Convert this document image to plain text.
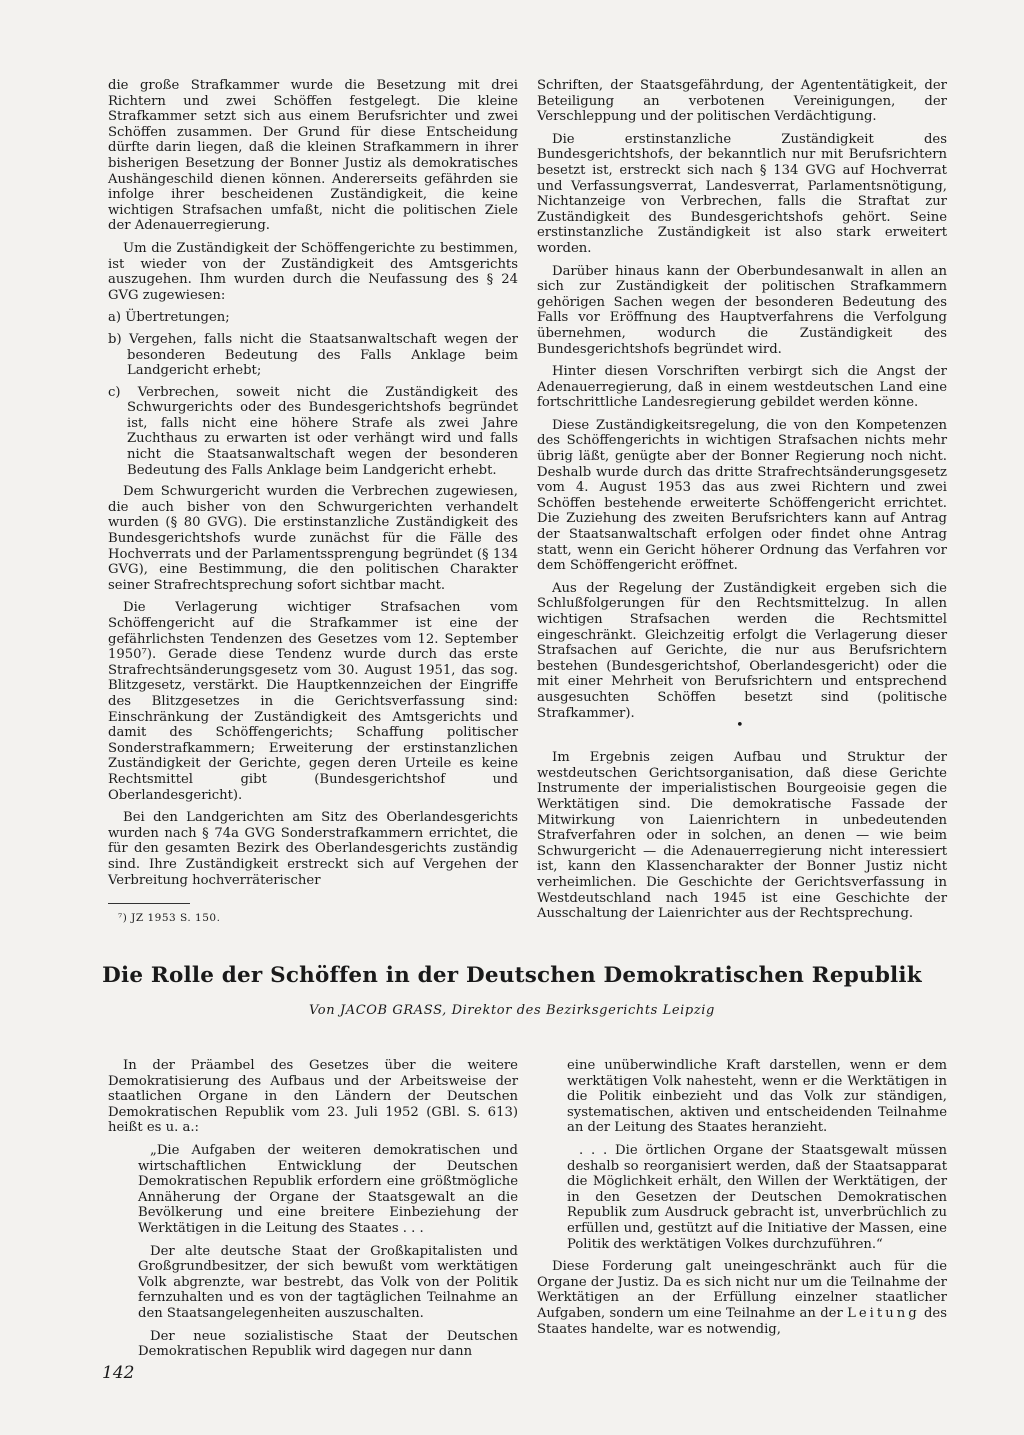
die große Strafkammer wurde die Besetzung mit drei Richtern und zwei Schöffen festgelegt. Die kleine Strafkammer setzt sich aus einem Berufsrichter und zwei Schöffen zusammen. Der Grund für diese Entscheidung dürfte darin liegen, daß die kleinen Strafkammern in ihrer bisherigen Besetzung der Bonner Justiz als demokratisches Aushängeschild dienen können. Andererseits gefährden sie infolge ihrer bescheidenen Zuständigkeit, die keine wichtigen Strafsachen umfaßt, nicht die politischen Ziele der Adenauerregierung.

Um die Zuständigkeit der Schöffengerichte zu bestimmen, ist wieder von der Zuständigkeit des Amtsgerichts auszugehen. Ihm wurden durch die Neufassung des § 24 GVG zugewiesen:

a) Übertretungen;

b) Vergehen, falls nicht die Staatsanwaltschaft wegen der besonderen Bedeutung des Falls Anklage beim Landgericht erhebt;

c) Verbrechen, soweit nicht die Zuständigkeit des Schwurgerichts oder des Bundesgerichtshofs begründet ist, falls nicht eine höhere Strafe als zwei Jahre Zuchthaus zu erwarten ist oder verhängt wird und falls nicht die Staatsanwaltschaft wegen der besonderen Bedeutung des Falls Anklage beim Landgericht erhebt.

Dem Schwurgericht wurden die Verbrechen zugewiesen, die auch bisher von den Schwurgerichten verhandelt wurden (§ 80 GVG). Die erstinstanzliche Zuständigkeit des Bundesgerichtshofs wurde zunächst für die Fälle des Hochverrats und der Parlamentssprengung begründet (§ 134 GVG), eine Bestimmung, die den politischen Charakter seiner Strafrechtsprechung sofort sichtbar macht.

Die Verlagerung wichtiger Strafsachen vom Schöffengericht auf die Strafkammer ist eine der gefährlichsten Tendenzen des Gesetzes vom 12. September 1950⁷). Gerade diese Tendenz wurde durch das erste Strafrechtsänderungsgesetz vom 30. August 1951, das sog. Blitzgesetz, verstärkt. Die Hauptkennzeichen der Eingriffe des Blitzgesetzes in die Gerichtsverfassung sind: Einschränkung der Zuständigkeit des Amtsgerichts und damit des Schöffengerichts; Schaffung politischer Sonderstrafkammern; Erweiterung der erstinstanzlichen Zuständigkeit der Gerichte, gegen deren Urteile es keine Rechtsmittel gibt (Bundesgerichtshof und Oberlandesgericht).

Bei den Landgerichten am Sitz des Oberlandesgerichts wurden nach § 74a GVG Sonderstrafkammern errichtet, die für den gesamten Bezirk des Oberlandesgerichts zuständig sind. Ihre Zuständigkeit erstreckt sich auf Vergehen der Verbreitung hochverräterischer

⁷) JZ 1953 S. 150.

Schriften, der Staatsgefährdung, der Agententätigkeit, der Beteiligung an verbotenen Vereinigungen, der Verschleppung und der politischen Verdächtigung.

Die erstinstanzliche Zuständigkeit des Bundesgerichtshofs, der bekanntlich nur mit Berufsrichtern besetzt ist, erstreckt sich nach § 134 GVG auf Hochverrat und Verfassungsverrat, Landesverrat, Parlamentsnötigung, Nichtanzeige von Verbrechen, falls die Straftat zur Zuständigkeit des Bundesgerichtshofs gehört. Seine erstinstanzliche Zuständigkeit ist also stark erweitert worden.

Darüber hinaus kann der Oberbundesanwalt in allen an sich zur Zuständigkeit der politischen Strafkammern gehörigen Sachen wegen der besonderen Bedeutung des Falls vor Eröffnung des Hauptverfahrens die Verfolgung übernehmen, wodurch die Zuständigkeit des Bundesgerichtshofs begründet wird.

Hinter diesen Vorschriften verbirgt sich die Angst der Adenauerregierung, daß in einem westdeutschen Land eine fortschrittliche Landesregierung gebildet werden könne.

Diese Zuständigkeitsregelung, die von den Kompetenzen des Schöffengerichts in wichtigen Strafsachen nichts mehr übrig läßt, genügte aber der Bonner Regierung noch nicht. Deshalb wurde durch das dritte Strafrechtsänderungsgesetz vom 4. August 1953 das aus zwei Richtern und zwei Schöffen bestehende erweiterte Schöffengericht errichtet. Die Zuziehung des zweiten Berufsrichters kann auf Antrag der Staatsanwaltschaft erfolgen oder findet ohne Antrag statt, wenn ein Gericht höherer Ordnung das Verfahren vor dem Schöffengericht eröffnet.

Aus der Regelung der Zuständigkeit ergeben sich die Schlußfolgerungen für den Rechtsmittelzug. In allen wichtigen Strafsachen werden die Rechtsmittel eingeschränkt. Gleichzeitig erfolgt die Verlagerung dieser Strafsachen auf Gerichte, die nur aus Berufsrichtern bestehen (Bundesgerichtshof, Oberlandesgericht) oder die mit einer Mehrheit von Berufsrichtern und entsprechend ausgesuchten Schöffen besetzt sind (politische Strafkammer).

Im Ergebnis zeigen Aufbau und Struktur der westdeutschen Gerichtsorganisation, daß diese Gerichte Instrumente der imperialistischen Bourgeoisie gegen die Werktätigen sind. Die demokratische Fassade der Mitwirkung von Laienrichtern in unbedeutenden Strafverfahren oder in solchen, an denen — wie beim Schwurgericht — die Adenauerregierung nicht interessiert ist, kann den Klassencharakter der Bonner Justiz nicht verheimlichen. Die Geschichte der Gerichtsverfassung in Westdeutschland nach 1945 ist eine Geschichte der Ausschaltung der Laienrichter aus der Rechtsprechung.

•
Die Rolle der Schöffen in der Deutschen Demokratischen Republik
Von JACOB GRASS, Direktor des Bezirksgerichts Leipzig

In der Präambel des Gesetzes über die weitere Demokratisierung des Aufbaus und der Arbeitsweise der staatlichen Organe in den Ländern der Deutschen Demokratischen Republik vom 23. Juli 1952 (GBl. S. 613) heißt es u. a.:

„Die Aufgaben der weiteren demokratischen und wirtschaftlichen Entwicklung der Deutschen Demokratischen Republik erfordern eine größtmögliche Annäherung der Organe der Staatsgewalt an die Bevölkerung und eine breitere Einbeziehung der Werktätigen in die Leitung des Staates . . .

Der alte deutsche Staat der Großkapitalisten und Großgrundbesitzer, der sich bewußt vom werktätigen Volk abgrenzte, war bestrebt, das Volk von der Politik fernzuhalten und es von der tagtäglichen Teilnahme an den Staatsangelegenheiten auszuschalten.

Der neue sozialistische Staat der Deutschen Demokratischen Republik wird dagegen nur dann

eine unüberwindliche Kraft darstellen, wenn er dem werktätigen Volk nahesteht, wenn er die Werktätigen in die Politik einbezieht und das Volk zur ständigen, systematischen, aktiven und entscheidenden Teilnahme an der Leitung des Staates heranzieht.

. . . Die örtlichen Organe der Staatsgewalt müssen deshalb so reorganisiert werden, daß der Staatsapparat die Möglichkeit erhält, den Willen der Werktätigen, der in den Gesetzen der Deutschen Demokratischen Republik zum Ausdruck gebracht ist, unverbrüchlich zu erfüllen und, gestützt auf die Initiative der Massen, eine Politik des werktätigen Volkes durchzuführen.“

Diese Forderung galt uneingeschränkt auch für die Organe der Justiz. Da es sich nicht nur um die Teilnahme der Werktätigen an der Erfüllung einzelner staatlicher Aufgaben, sondern um eine Teilnahme an der Leitung des Staates handelte, war es notwendig,

142
